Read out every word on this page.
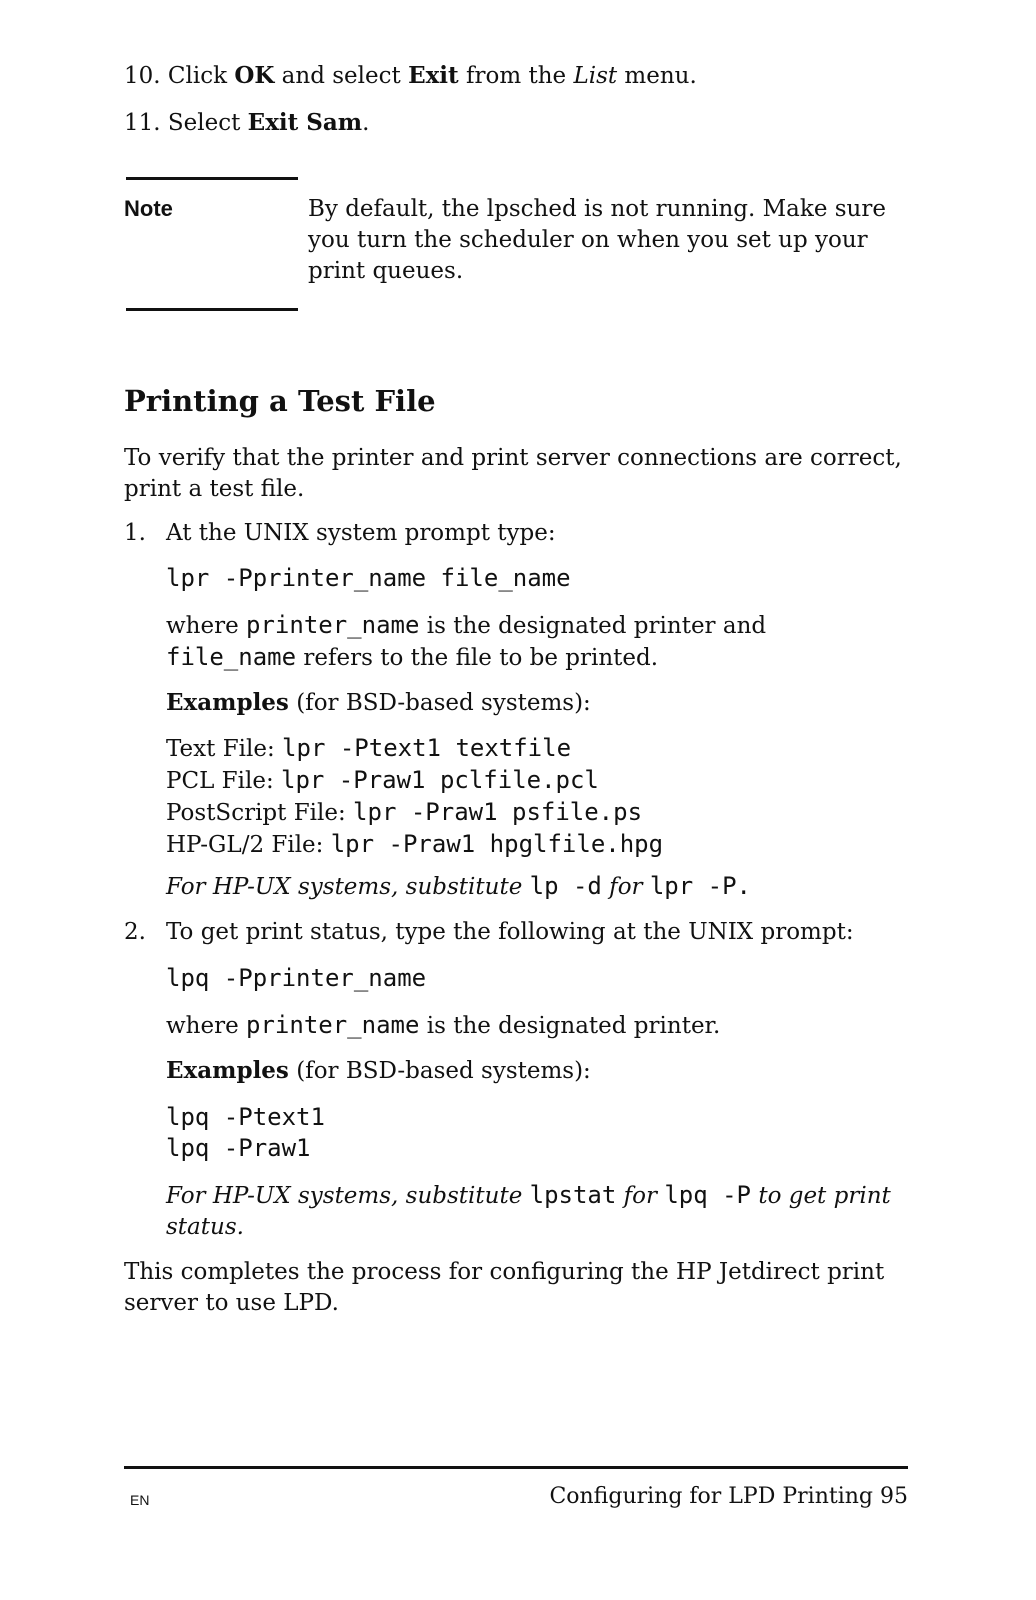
10. Click OK and select Exit from the List menu.
11. Select Exit Sam.
Note	By default, the lpsched is not running. Make sure
you turn the scheduler on when you set up your
print queues.
Printing a Test File
To verify that the printer and print server connections are correct,
print a test file.
1. At the UNIX system prompt type:
lpr -Pprinter_name file_name
where printer_name is the designated printer and
file_name refers to the file to be printed.
Examples (for BSD-based systems):
Text File: lpr -Ptext1 textfile
PCL File: lpr -Praw1 pclfile.pcl
PostScript File: lpr -Praw1 psfile.ps
HP-GL/2 File: lpr -Praw1 hpglfile.hpg
For HP-UX systems, substitute lp -d for lpr -P.
2. To get print status, type the following at the UNIX prompt:
lpq -Pprinter_name
where printer_name is the designated printer.
Examples (for BSD-based systems):
lpq -Ptext1
lpq -Praw1
For HP-UX systems, substitute lpstat for lpq -P to get print
status.
This completes the process for configuring the HP Jetdirect print
server to use LPD.
EN	Configuring for LPD Printing 95
